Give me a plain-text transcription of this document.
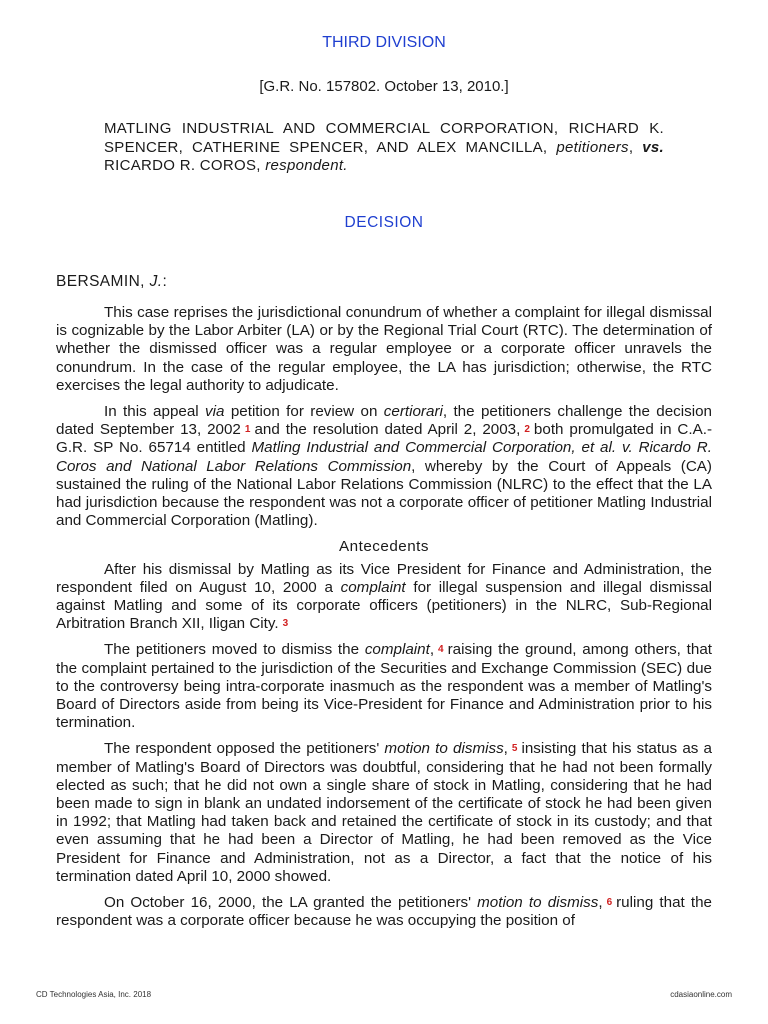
THIRD DIVISION
[G.R. No. 157802. October 13, 2010.]
MATLING INDUSTRIAL AND COMMERCIAL CORPORATION, RICHARD K. SPENCER, CATHERINE SPENCER, AND ALEX MANCILLA, petitioners, vs. RICARDO R. COROS, respondent.
DECISION
BERSAMIN, J.:

This case reprises the jurisdictional conundrum of whether a complaint for illegal dismissal is cognizable by the Labor Arbiter (LA) or by the Regional Trial Court (RTC). The determination of whether the dismissed officer was a regular employee or a corporate officer unravels the conundrum. In the case of the regular employee, the LA has jurisdiction; otherwise, the RTC exercises the legal authority to adjudicate.

In this appeal via petition for review on certiorari, the petitioners challenge the decision dated September 13, 2002 1 and the resolution dated April 2, 2003, 2 both promulgated in C.A.-G.R. SP No. 65714 entitled Matling Industrial and Commercial Corporation, et al. v. Ricardo R. Coros and National Labor Relations Commission, whereby by the Court of Appeals (CA) sustained the ruling of the National Labor Relations Commission (NLRC) to the effect that the LA had jurisdiction because the respondent was not a corporate officer of petitioner Matling Industrial and Commercial Corporation (Matling).

Antecedents

After his dismissal by Matling as its Vice President for Finance and Administration, the respondent filed on August 10, 2000 a complaint for illegal suspension and illegal dismissal against Matling and some of its corporate officers (petitioners) in the NLRC, Sub-Regional Arbitration Branch XII, Iligan City. 3

The petitioners moved to dismiss the complaint, 4 raising the ground, among others, that the complaint pertained to the jurisdiction of the Securities and Exchange Commission (SEC) due to the controversy being intra-corporate inasmuch as the respondent was a member of Matling's Board of Directors aside from being its Vice-President for Finance and Administration prior to his termination.

The respondent opposed the petitioners' motion to dismiss, 5 insisting that his status as a member of Matling's Board of Directors was doubtful, considering that he had not been formally elected as such; that he did not own a single share of stock in Matling, considering that he had been made to sign in blank an undated indorsement of the certificate of stock he had been given in 1992; that Matling had taken back and retained the certificate of stock in its custody; and that even assuming that he had been a Director of Matling, he had been removed as the Vice President for Finance and Administration, not as a Director, a fact that the notice of his termination dated April 10, 2000 showed.

On October 16, 2000, the LA granted the petitioners' motion to dismiss, 6 ruling that the respondent was a corporate officer because he was occupying the position of

CD Technologies Asia, Inc. 2018	cdasiaonline.com
